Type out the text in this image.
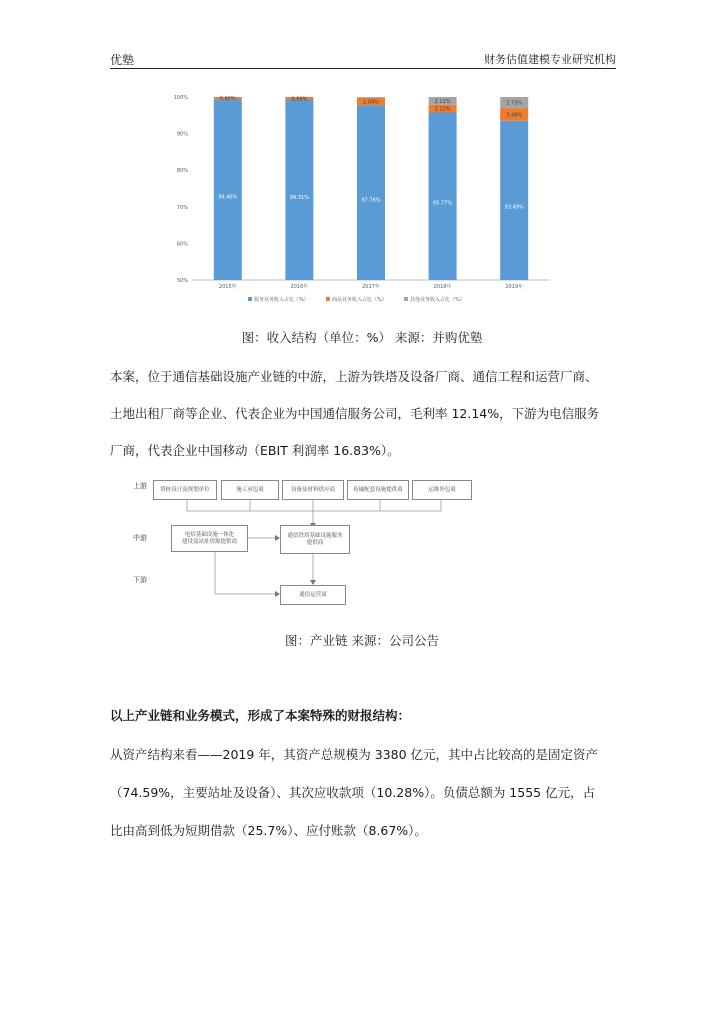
优塾	财务估值建模专业研究机构
50%
60%
70%
80%
90%
100%
99.40%
0.60%
2015年
99.31%
0.69%
2016年
97.76%
2.04%
2017年
95.77%
2.12%
2.11%
2018年
93.49%
3.48%
2.73%
2019年
服务业务收入占比（%）	商品业务收入占比（%）	其他业务收入占比（%）
图：收入结构（单位：%） 来源：并购优塾
本案，位于通信基础设施产业链的中游，上游为铁塔及设备厂商、通信工程和运营厂商、
土地出租厂商等企业、代表企业为中国通信服务公司，毛利率 12.14%，下游为电信服务
厂商，代表企业中国移动（EBIT 利润率 16.83%）。
上游
中游
下游
塔桩设计及规划单位	施工承包商	设备及材料供应商	传输配套设施提供商	运维外包商
电信基础设施一体化
建设及站址资源提供商
通信铁塔基础设施服务
提供商
通信运营商
图：产业链 来源：公司公告
以上产业链和业务模式，形成了本案特殊的财报结构：
从资产结构来看——2019 年，其资产总规模为 3380 亿元，其中占比较高的是固定资产
（74.59%，主要站址及设备）、其次应收款项（10.28%）。负债总额为 1555 亿元，占
比由高到低为短期借款（25.7%）、应付账款（8.67%）。
